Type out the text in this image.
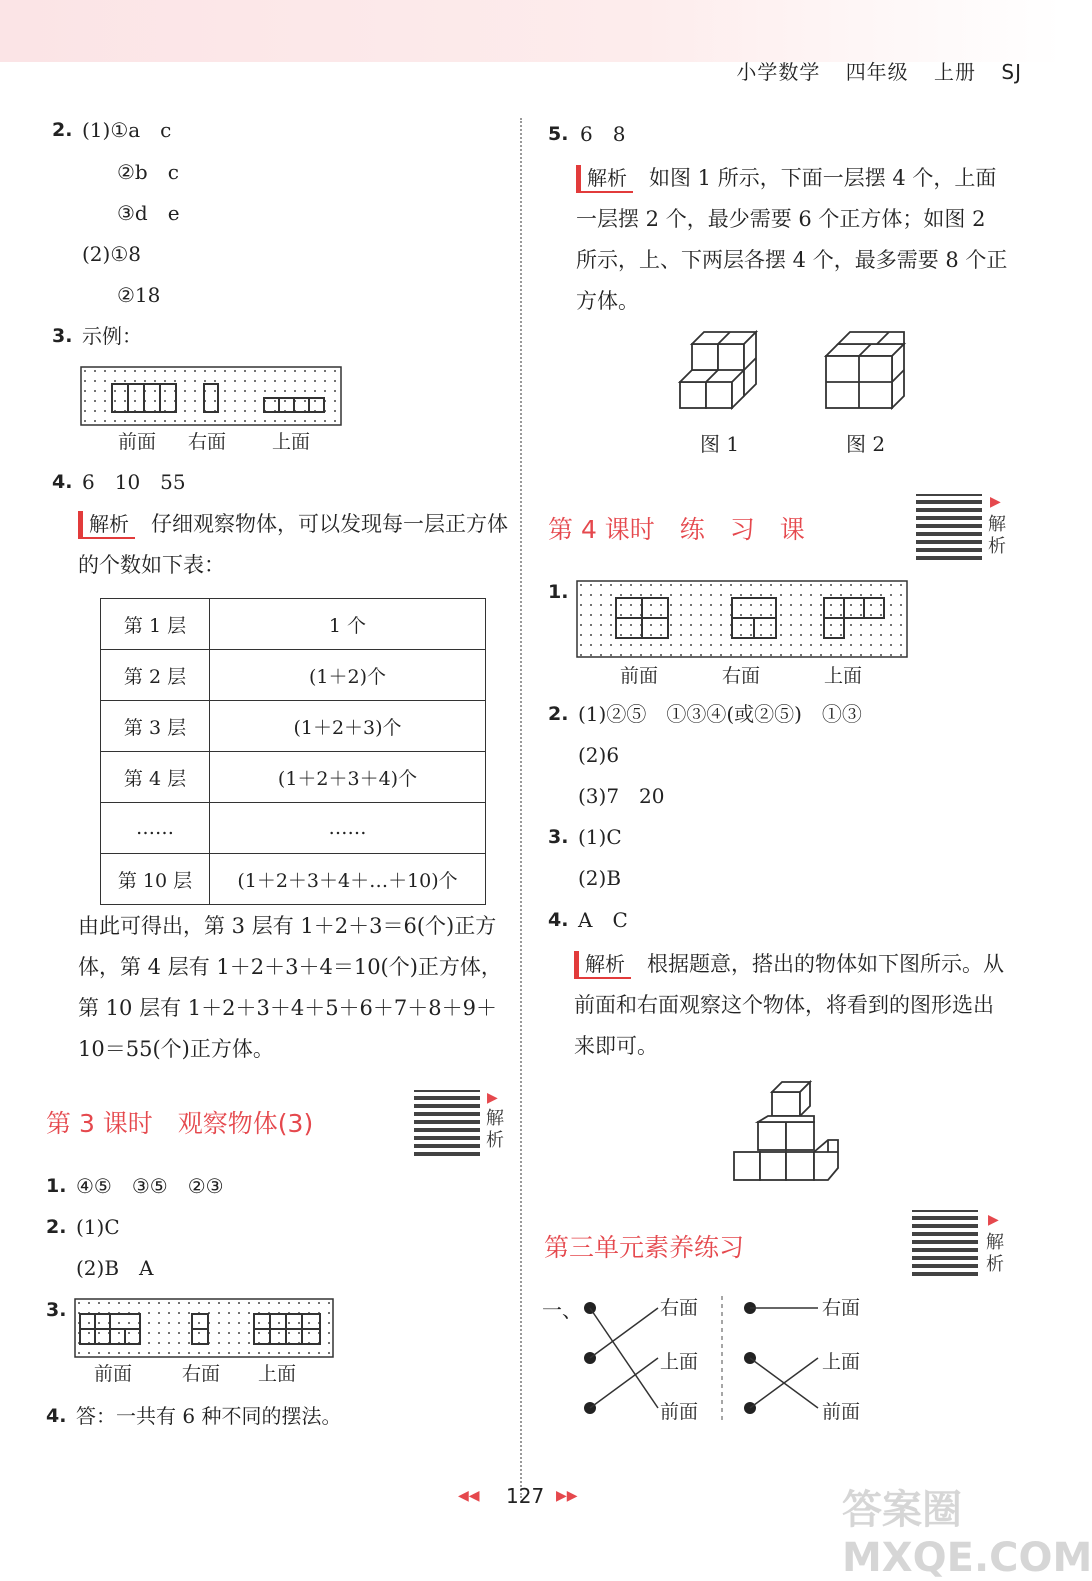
小学数学 四年级 上册 SJ
2. (1)①a　c
②b　c
③d　e
(2)①8
②18
3. 示例：
前面 右面 上面
4. 6　10　55
解析 仔细观察物体，可以发现每一层正方体的个数如下表：
第 1 层	1 个
第 2 层	(1＋2)个
第 3 层	(1＋2＋3)个
第 4 层	(1＋2＋3＋4)个
……	……
第 10 层	(1＋2＋3＋4＋…＋10)个
由此可得出，第 3 层有 1＋2＋3＝6(个)正方体，第 4 层有 1＋2＋3＋4＝10(个)正方体，第 10 层有 1＋2＋3＋4＋5＋6＋7＋8＋9＋10＝55(个)正方体。
第 3 课时　观察物体(3)
▶
解析
1. ④⑤　③⑤　②③
2. (1)C
(2)B　A
3.
前面	右面 上面
4. 答：一共有 6 种不同的摆法。
5. 6　8
解析 如图 1 所示，下面一层摆 4 个，上面一层摆 2 个，最少需要 6 个正方体；如图 2 所示，上、下两层各摆 4 个，最多需要 8 个正方体。
图 1	图 2
第 4 课时　练　习　课
▶
解析
1.
前面	右面	上面
2. (1)②⑤　①③④(或②⑤)　①③
(2)6
(3)7　20
3. (1)C
(2)B
4. A　C
解析 根据题意，搭出的物体如下图所示。从前面和右面观察这个物体，将看到的图形选出来即可。
第三单元素养练习
▶
解析
一、	右面
上面
前面
右面
上面
前面
◀◀ 127 ▶▶	答案圈 MXQE.COM
